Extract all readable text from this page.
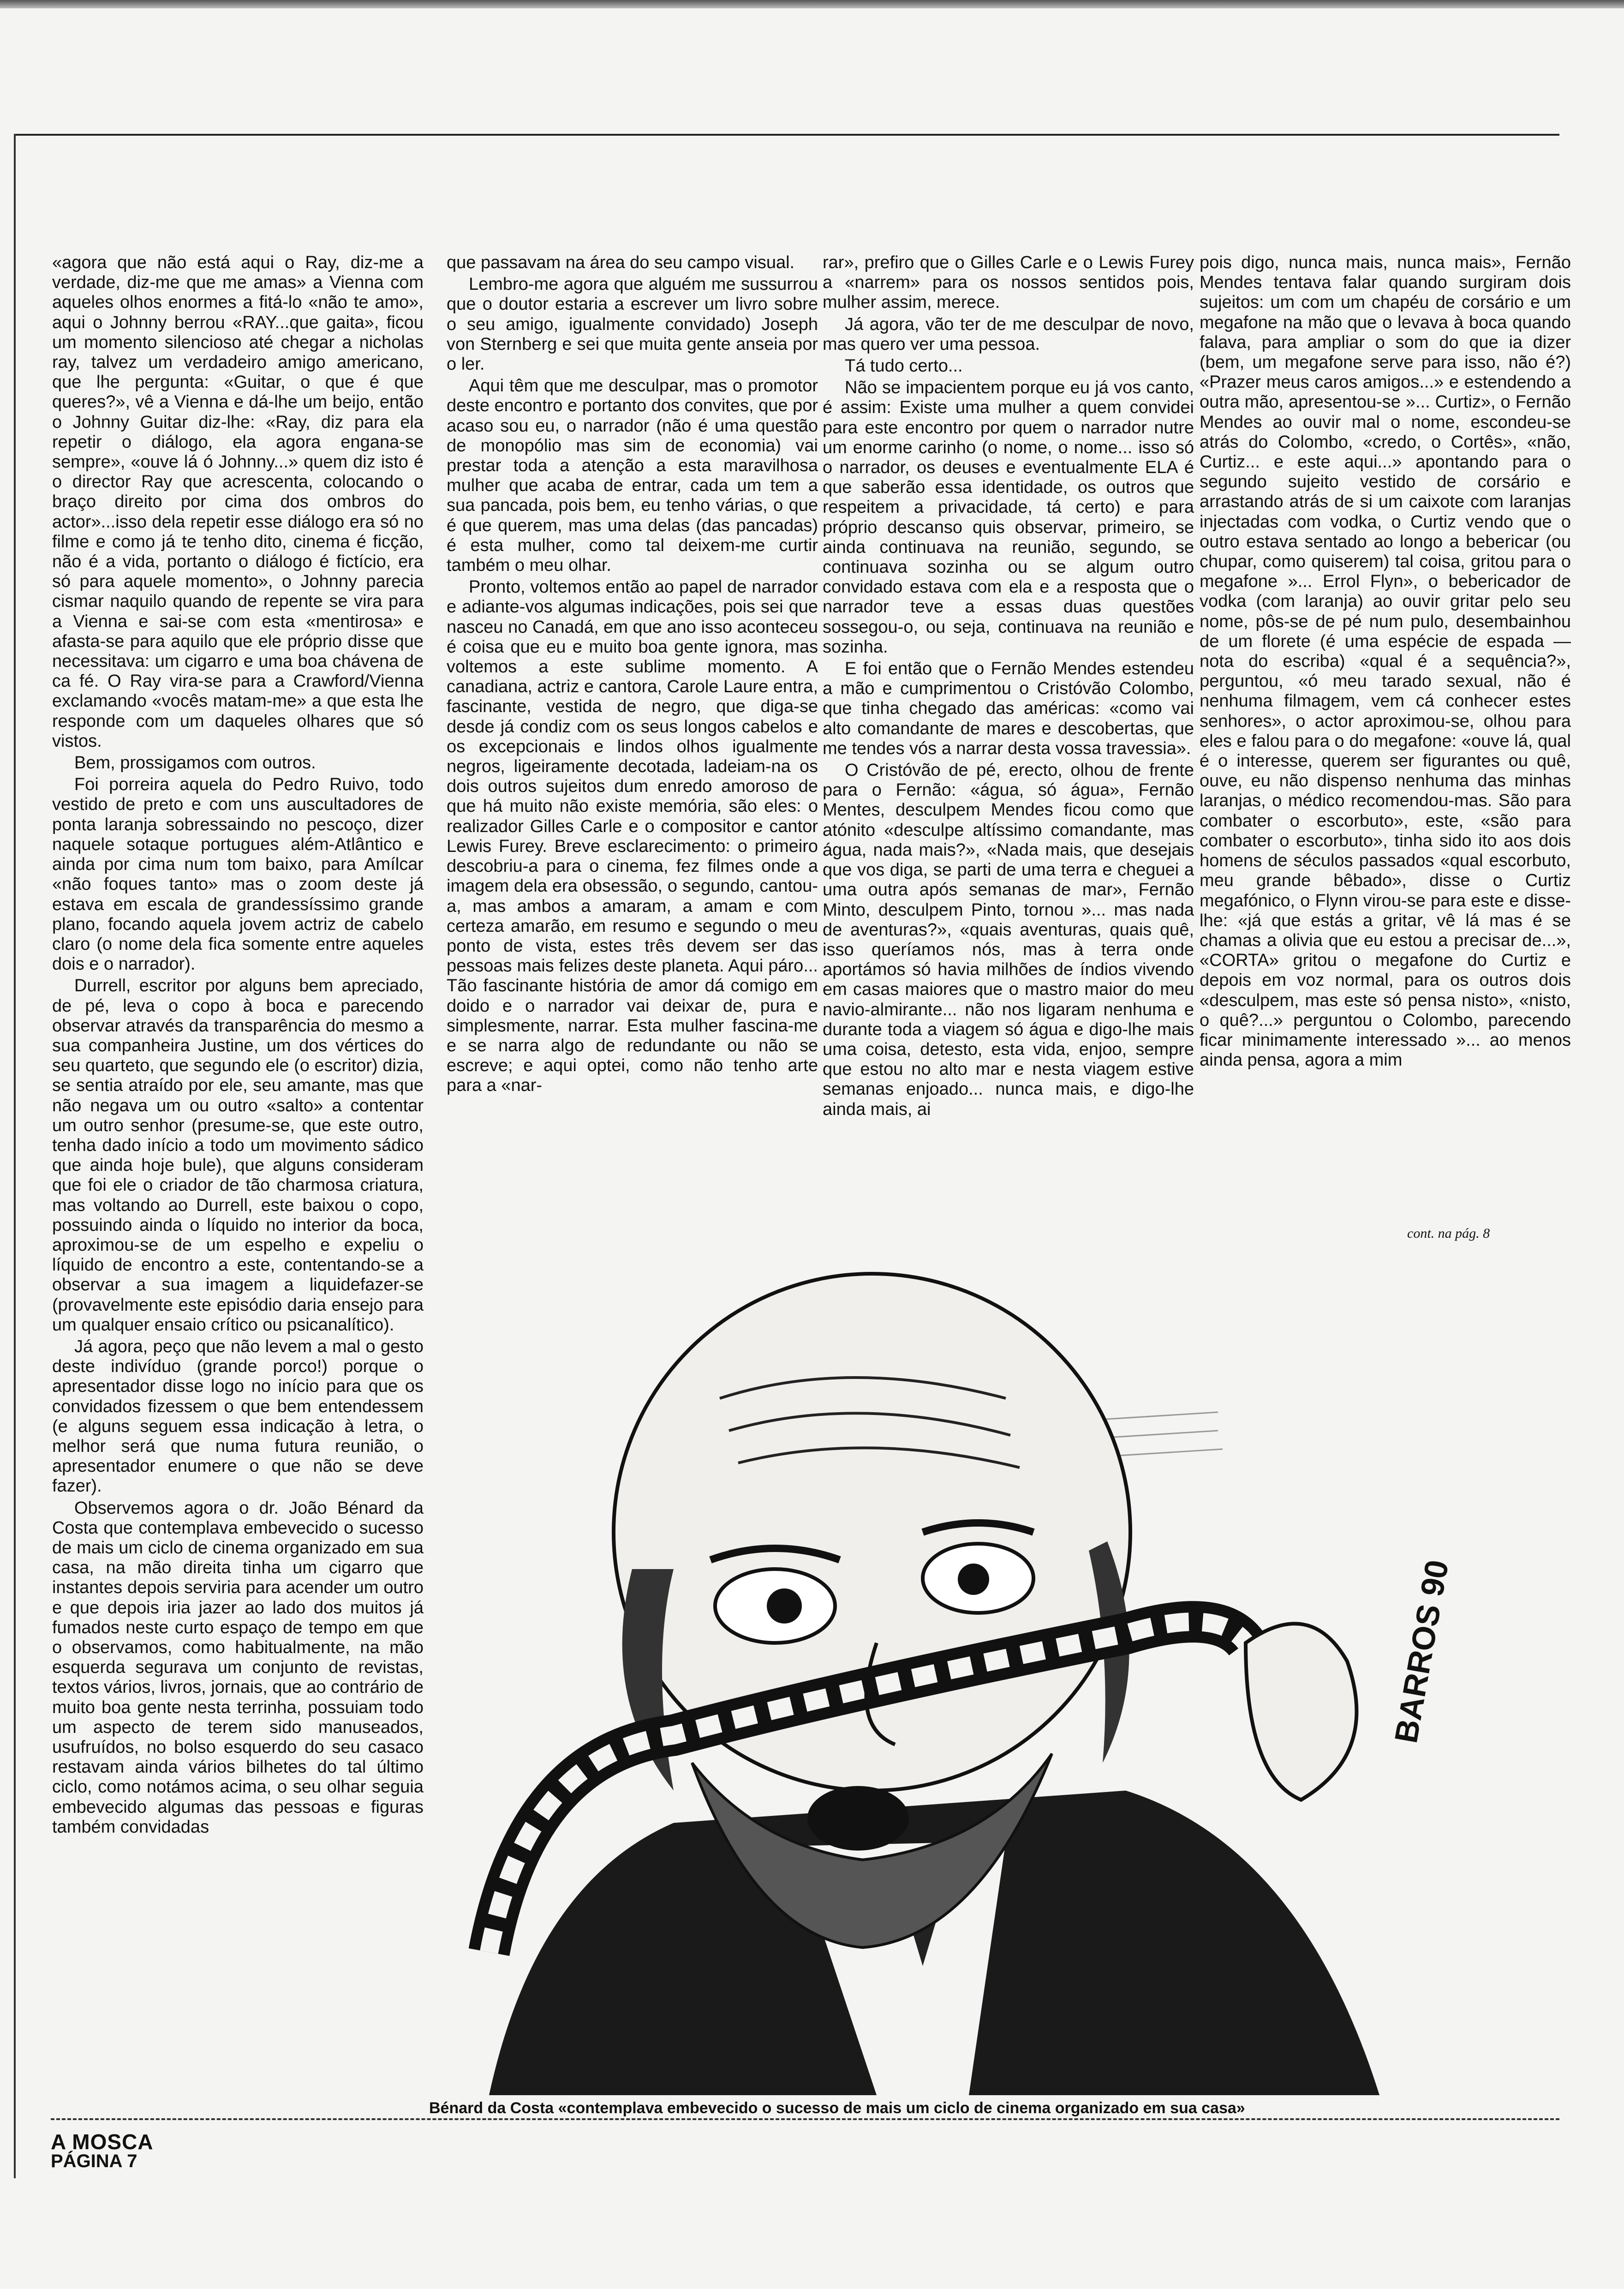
«agora que não está aqui o Ray, diz-me a verdade, diz-me que me amas» a Vienna com aqueles olhos enormes a fitá-lo «não te amo», aqui o Johnny berrou «RAY...que gaita», ficou um momento silencioso até chegar a nicholas ray, talvez um verdadeiro amigo americano, que lhe pergunta: «Guitar, o que é que queres?», vê a Vienna e dá-lhe um beijo, então o Johnny Guitar diz-lhe: «Ray, diz para ela repetir o diálogo, ela agora engana-se sempre», «ouve lá ó Johnny...» quem diz isto é o director Ray que acrescenta, colocando o braço direito por cima dos ombros do actor»...isso dela repetir esse diálogo era só no filme e como já te tenho dito, cinema é ficção, não é a vida, portanto o diálogo é fictício, era só para aquele momento», o Johnny parecia cismar naquilo quando de repente se vira para a Vienna e sai-se com esta «mentirosa» e afasta-se para aquilo que ele próprio disse que necessitava: um cigarro e uma boa chávena de ca fé. O Ray vira-se para a Crawford/Vienna exclamando «vocês matam-me» a que esta lhe responde com um daqueles olhares que só vistos.

Bem, prossigamos com outros.

Foi porreira aquela do Pedro Ruivo, todo vestido de preto e com uns auscultadores de ponta laranja sobressaindo no pescoço, dizer naquele sotaque portugues além-Atlântico e ainda por cima num tom baixo, para Amílcar «não foques tanto» mas o zoom deste já estava em escala de grandessíssimo grande plano, focando aquela jovem actriz de cabelo claro (o nome dela fica somente entre aqueles dois e o narrador).

Durrell, escritor por alguns bem apreciado, de pé, leva o copo à boca e parecendo observar através da transparência do mesmo a sua companheira Justine, um dos vértices do seu quarteto, que segundo ele (o escritor) dizia, se sentia atraído por ele, seu amante, mas que não negava um ou outro «salto» a contentar um outro senhor (presume-se, que este outro, tenha dado início a todo um movimento sádico que ainda hoje bule), que alguns consideram que foi ele o criador de tão charmosa criatura, mas voltando ao Durrell, este baixou o copo, possuindo ainda o líquido no interior da boca, aproximou-se de um espelho e expeliu o líquido de encontro a este, contentando-se a observar a sua imagem a liquidefazer-se (provavelmente este episódio daria ensejo para um qualquer ensaio crítico ou psicanalítico).

Já agora, peço que não levem a mal o gesto deste indivíduo (grande porco!) porque o apresentador disse logo no início para que os convidados fizessem o que bem entendessem (e alguns seguem essa indicação à letra, o melhor será que numa futura reunião, o apresentador enumere o que não se deve fazer).

Observemos agora o dr. João Bénard da Costa que contemplava embevecido o sucesso de mais um ciclo de cinema organizado em sua casa, na mão direita tinha um cigarro que instantes depois serviria para acender um outro e que depois iria jazer ao lado dos muitos já fumados neste curto espaço de tempo em que o observamos, como habitualmente, na mão esquerda segurava um conjunto de revistas, textos vários, livros, jornais, que ao contrário de muito boa gente nesta terrinha, possuiam todo um aspecto de terem sido manuseados, usufruídos, no bolso esquerdo do seu casaco restavam ainda vários bilhetes do tal último ciclo, como notámos acima, o seu olhar seguia embevecido algumas das pessoas e figuras também convidadas

que passavam na área do seu campo visual.

Lembro-me agora que alguém me sussurrou que o doutor estaria a escrever um livro sobre o seu amigo, igualmente convidado) Joseph von Sternberg e sei que muita gente anseia por o ler.

Aqui têm que me desculpar, mas o promotor deste encontro e portanto dos convites, que por acaso sou eu, o narrador (não é uma questão de monopólio mas sim de economia) vai prestar toda a atenção a esta maravilhosa mulher que acaba de entrar, cada um tem a sua pancada, pois bem, eu tenho várias, o que é que querem, mas uma delas (das pancadas) é esta mulher, como tal deixem-me curtir também o meu olhar.

Pronto, voltemos então ao papel de narrador e adiante-vos algumas indicações, pois sei que nasceu no Canadá, em que ano isso aconteceu é coisa que eu e muito boa gente ignora, mas voltemos a este sublime momento. A canadiana, actriz e cantora, Carole Laure entra, fascinante, vestida de negro, que diga-se desde já condiz com os seus longos cabelos e os excepcionais e lindos olhos igualmente negros, ligeiramente decotada, ladeiam-na os dois outros sujeitos dum enredo amoroso de que há muito não existe memória, são eles: o realizador Gilles Carle e o compositor e cantor Lewis Furey. Breve esclarecimento: o primeiro descobriu-a para o cinema, fez filmes onde a imagem dela era obsessão, o segundo, cantou-a, mas ambos a amaram, a amam e com certeza amarão, em resumo e segundo o meu ponto de vista, estes três devem ser das pessoas mais felizes deste planeta. Aqui páro... Tão fascinante história de amor dá comigo em doido e o narrador vai deixar de, pura e simplesmente, narrar. Esta mulher fascina-me e se narra algo de redundante ou não se escreve; e aqui optei, como não tenho arte para a «nar-

rar», prefiro que o Gilles Carle e o Lewis Furey a «narrem» para os nossos sentidos pois, mulher assim, merece.

Já agora, vão ter de me desculpar de novo, mas quero ver uma pessoa.

Tá tudo certo...

Não se impacientem porque eu já vos canto, é assim: Existe uma mulher a quem convidei para este encontro por quem o narrador nutre um enorme carinho (o nome, o nome... isso só o narrador, os deuses e eventualmente ELA é que saberão essa identidade, os outros que respeitem a privacidade, tá certo) e para próprio descanso quis observar, primeiro, se ainda continuava na reunião, segundo, se continuava sozinha ou se algum outro convidado estava com ela e a resposta que o narrador teve a essas duas questões sossegou-o, ou seja, continuava na reunião e sozinha.

E foi então que o Fernão Mendes estendeu a mão e cumprimentou o Cristóvão Colombo, que tinha chegado das américas: «como vai alto comandante de mares e descobertas, que me tendes vós a narrar desta vossa travessia».

O Cristóvão de pé, erecto, olhou de frente para o Fernão: «água, só água», Fernão Mentes, desculpem Mendes ficou como que atónito «desculpe altíssimo comandante, mas água, nada mais?», «Nada mais, que desejais que vos diga, se parti de uma terra e cheguei a uma outra após semanas de mar», Fernão Minto, desculpem Pinto, tornou »... mas nada de aventuras?», «quais aventuras, quais quê, isso queríamos nós, mas à terra onde aportámos só havia milhões de índios vivendo em casas maiores que o mastro maior do meu navio-almirante... não nos ligaram nenhuma e durante toda a viagem só água e digo-lhe mais uma coisa, detesto, esta vida, enjoo, sempre que estou no alto mar e nesta viagem estive semanas enjoado... nunca mais, e digo-lhe ainda mais, ai

pois digo, nunca mais, nunca mais», Fernão Mendes tentava falar quando surgiram dois sujeitos: um com um chapéu de corsário e um megafone na mão que o levava à boca quando falava, para ampliar o som do que ia dizer (bem, um megafone serve para isso, não é?) «Prazer meus caros amigos...» e estendendo a outra mão, apresentou-se »... Curtiz», o Fernão Mendes ao ouvir mal o nome, escondeu-se atrás do Colombo, «credo, o Cortês», «não, Curtiz... e este aqui...» apontando para o segundo sujeito vestido de corsário e arrastando atrás de si um caixote com laranjas injectadas com vodka, o Curtiz vendo que o outro estava sentado ao longo a bebericar (ou chupar, como quiserem) tal coisa, gritou para o megafone »... Errol Flyn», o bebericador de vodka (com laranja) ao ouvir gritar pelo seu nome, pôs-se de pé num pulo, desembainhou de um florete (é uma espécie de espada — nota do escriba) «qual é a sequência?», perguntou, «ó meu tarado sexual, não é nenhuma filmagem, vem cá conhecer estes senhores», o actor aproximou-se, olhou para eles e falou para o do megafone: «ouve lá, qual é o interesse, querem ser figurantes ou quê, ouve, eu não dispenso nenhuma das minhas laranjas, o médico recomendou-mas. São para combater o escorbuto», este, «são para combater o escorbuto», tinha sido ito aos dois homens de séculos passados «qual escorbuto, meu grande bêbado», disse o Curtiz megafónico, o Flynn virou-se para este e disse-lhe: «já que estás a gritar, vê lá mas é se chamas a olivia que eu estou a precisar de...», «CORTA» gritou o megafone do Curtiz e depois em voz normal, para os outros dois «desculpem, mas este só pensa nisto», «nisto, o quê?...» perguntou o Colombo, parecendo ficar minimamente interessado »... ao menos ainda pensa, agora a mim

cont. na pág. 8
BARROS 90
Bénard da Costa «contemplava embevecido o sucesso de mais um ciclo de cinema organizado em sua casa»
A MOSCA
PÁGINA 7
